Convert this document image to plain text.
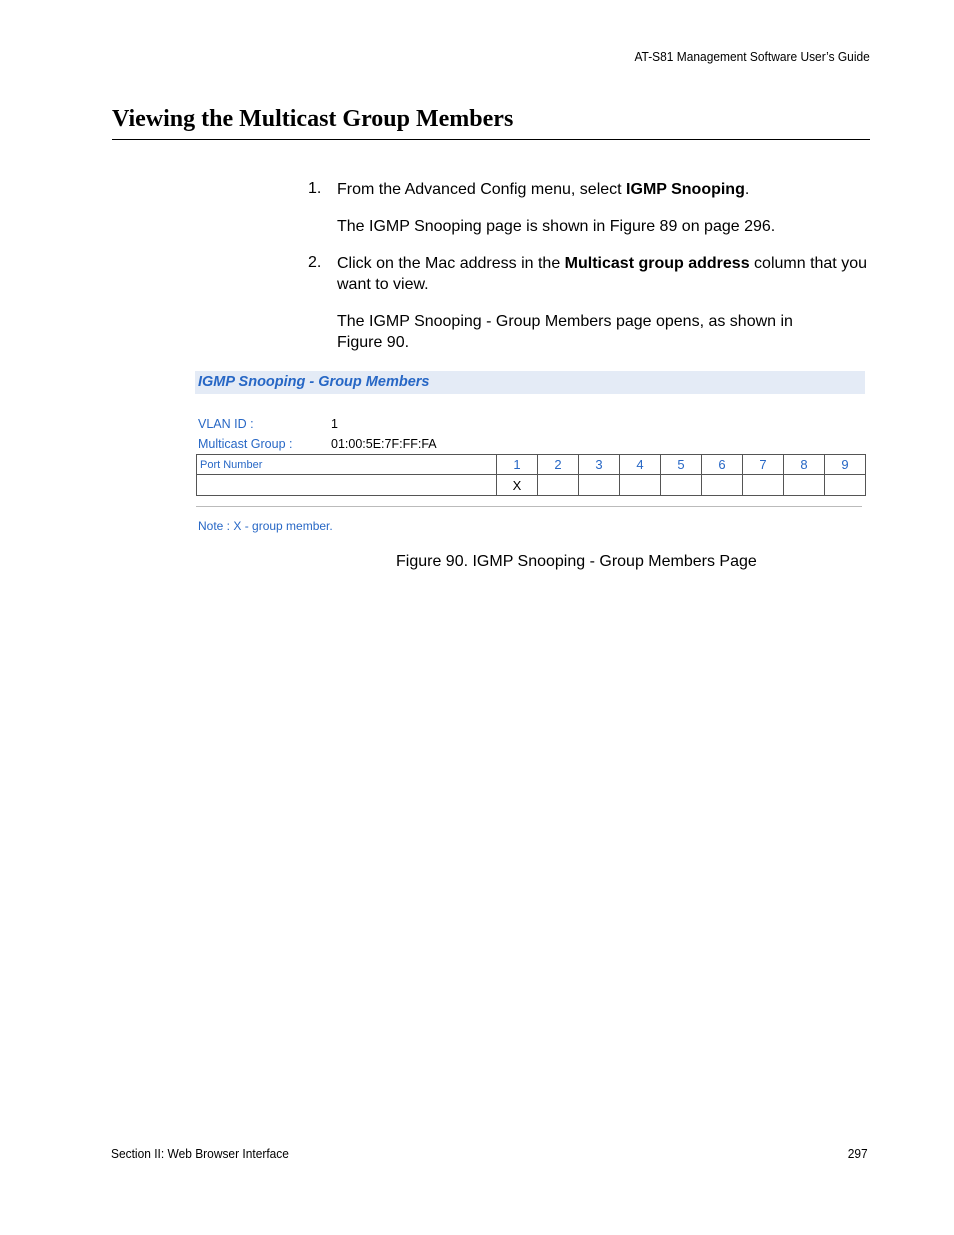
AT-S81 Management Software User’s Guide
Viewing the Multicast Group Members
1. From the Advanced Config menu, select IGMP Snooping.
The IGMP Snooping page is shown in Figure 89 on page 296.
2. Click on the Mac address in the Multicast group address column that you want to view.
The IGMP Snooping - Group Members page opens, as shown in Figure 90.
IGMP Snooping - Group Members
VLAN ID :	1
Multicast Group :	01:00:5E:7F:FF:FA
Port Number	1	2	3	4	5	6	7	8	9
	X								
Note : X - group member.
Figure 90. IGMP Snooping - Group Members Page
Section II: Web Browser Interface	297
